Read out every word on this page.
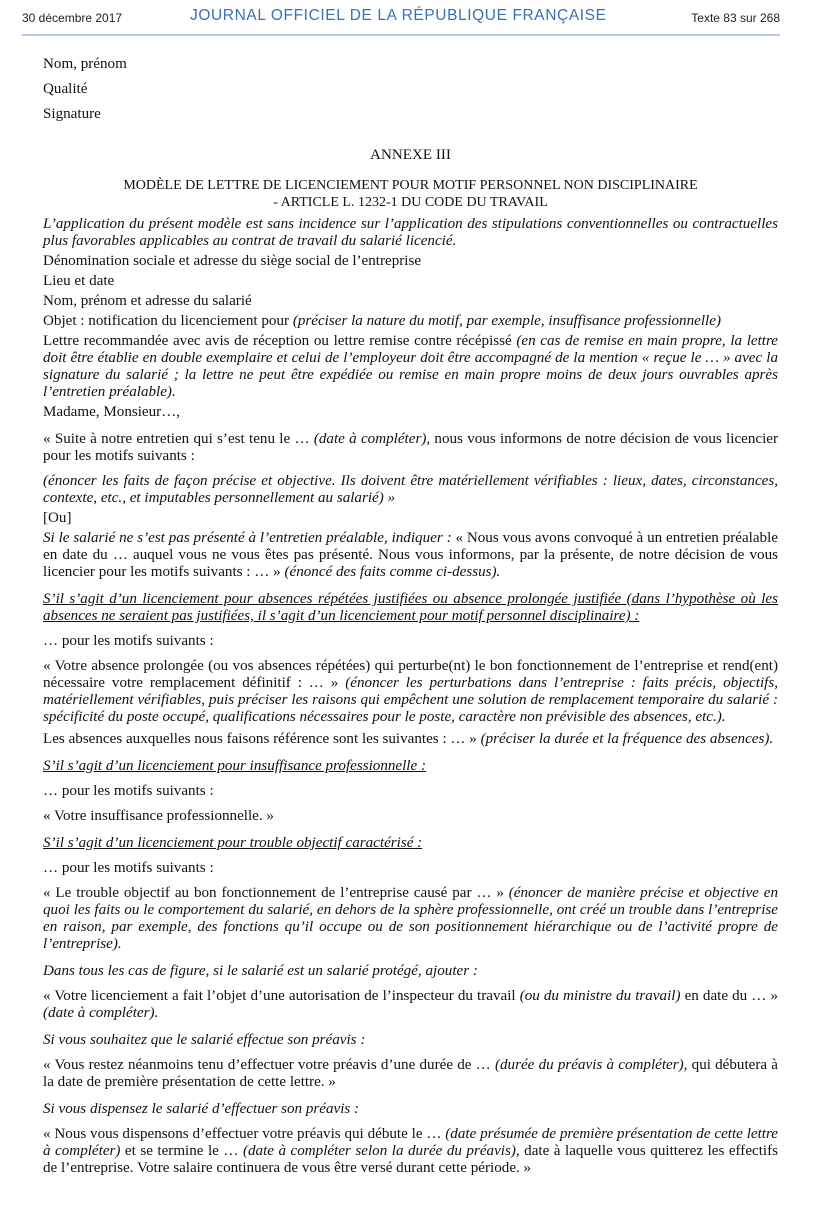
30 décembre 2017	JOURNAL OFFICIEL DE LA RÉPUBLIQUE FRANÇAISE	Texte 83 sur 268

Nom, prénom

Qualité

Signature

ANNEXE III

MODÈLE DE LETTRE DE LICENCIEMENT POUR MOTIF PERSONNEL NON DISCIPLINAIRE

- ARTICLE L. 1232-1 DU CODE DU TRAVAIL

L’application du présent modèle est sans incidence sur l’application des stipulations conventionnelles ou contractuelles plus favorables applicables au contrat de travail du salarié licencié.

Dénomination sociale et adresse du siège social de l’entreprise

Lieu et date

Nom, prénom et adresse du salarié

Objet : notification du licenciement pour (préciser la nature du motif, par exemple, insuffisance professionnelle)

Lettre recommandée avec avis de réception ou lettre remise contre récépissé (en cas de remise en main propre, la lettre doit être établie en double exemplaire et celui de l’employeur doit être accompagné de la mention « reçue le … » avec la signature du salarié ; la lettre ne peut être expédiée ou remise en main propre moins de deux jours ouvrables après l’entretien préalable).

Madame, Monsieur…,

« Suite à notre entretien qui s’est tenu le … (date à compléter), nous vous informons de notre décision de vous licencier pour les motifs suivants :

(énoncer les faits de façon précise et objective. Ils doivent être matériellement vérifiables : lieux, dates, circonstances, contexte, etc., et imputables personnellement au salarié) »

[Ou]

Si le salarié ne s’est pas présenté à l’entretien préalable, indiquer : « Nous vous avons convoqué à un entretien préalable en date du … auquel vous ne vous êtes pas présenté. Nous vous informons, par la présente, de notre décision de vous licencier pour les motifs suivants : … » (énoncé des faits comme ci-dessus).

S’il s’agit d’un licenciement pour absences répétées justifiées ou absence prolongée justifiée (dans l’hypothèse où les absences ne seraient pas justifiées, il s’agit d’un licenciement pour motif personnel disciplinaire) :

… pour les motifs suivants :

« Votre absence prolongée (ou vos absences répétées) qui perturbe(nt) le bon fonctionnement de l’entreprise et rend(ent) nécessaire votre remplacement définitif : … » (énoncer les perturbations dans l’entreprise : faits précis, objectifs, matériellement vérifiables, puis préciser les raisons qui empêchent une solution de remplacement temporaire du salarié : spécificité du poste occupé, qualifications nécessaires pour le poste, caractère non prévisible des absences, etc.).

Les absences auxquelles nous faisons référence sont les suivantes : … » (préciser la durée et la fréquence des absences).

S’il s’agit d’un licenciement pour insuffisance professionnelle :

… pour les motifs suivants :

« Votre insuffisance professionnelle. »

S’il s’agit d’un licenciement pour trouble objectif caractérisé :

… pour les motifs suivants :

« Le trouble objectif au bon fonctionnement de l’entreprise causé par … » (énoncer de manière précise et objective en quoi les faits ou le comportement du salarié, en dehors de la sphère professionnelle, ont créé un trouble dans l’entreprise en raison, par exemple, des fonctions qu’il occupe ou de son positionnement hiérarchique ou de l’activité propre de l’entreprise).

Dans tous les cas de figure, si le salarié est un salarié protégé, ajouter :

« Votre licenciement a fait l’objet d’une autorisation de l’inspecteur du travail (ou du ministre du travail) en date du … » (date à compléter).

Si vous souhaitez que le salarié effectue son préavis :

« Vous restez néanmoins tenu d’effectuer votre préavis d’une durée de … (durée du préavis à compléter), qui débutera à la date de première présentation de cette lettre. »

Si vous dispensez le salarié d’effectuer son préavis :

« Nous vous dispensons d’effectuer votre préavis qui débute le … (date présumée de première présentation de cette lettre à compléter) et se termine le … (date à compléter selon la durée du préavis), date à laquelle vous quitterez les effectifs de l’entreprise. Votre salaire continuera de vous être versé durant cette période. »
